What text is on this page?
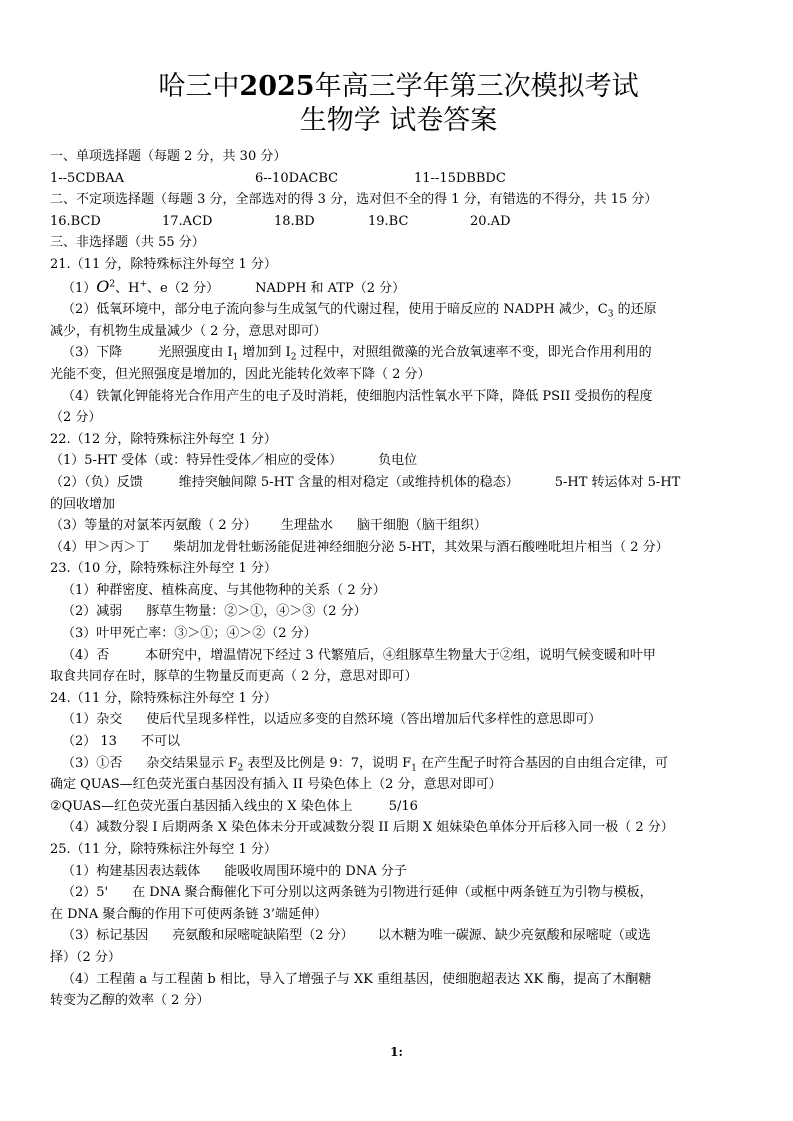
哈三中2025年高三学年第三次模拟考试

生物学 试卷答案

一、单项选择题（每题 2 分，共 30 分）

1--5CDBAA	6--10DACBC	11--15DBBDC

二、不定项选择题（每题 3 分，全部选对的得 3 分，选对但不全的得 1 分，有错选的不得分，共 15 分）

16.BCD	17.ACD	18.BD	19.BC	20.AD

三、非选择题（共 55 分）

21.（11 分，除特殊标注外每空 1 分）

$(1)O^2$、H+、e（2 分）	NADPH 和 ATP（2 分）

（2）低氧环境中，部分电子流向参与生成氢气的代谢过程，使用于暗反应的 NADPH 减少，$C_3$ 的还原

减少，有机物生成量减少（ 2 分，意思对即可）

（3）下降	光照强度由 $I_1$ 增加到 $I_2$ 过程中，对照组微藻的光合放氧速率不变，即光合作用利用的

光能不变，但光照强度是增加的，因此光能转化效率下降（ 2 分）

（4）铁氰化钾能将光合作用产生的电子及时消耗，使细胞内活性氧水平下降，降低 PSII 受损伤的程度

（2 分）

22.（12 分，除特殊标注外每空 1 分）

（1）5-HT 受体（或：特异性受体／相应的受体）	负电位

（2）（负）反馈	维持突触间隙 5-HT 含量的相对稳定（或维持机体的稳态）	5-HT 转运体对 5-HT

的回收增加

（3）等量的对氯苯丙氨酸（ 2 分） 生理盐水 脑干细胞（脑干组织）

（4）甲＞丙＞丁 柴胡加龙骨牡蛎汤能促进神经细胞分泌 5-HT，其效果与酒石酸唑吡坦片相当（ 2 分）

23.（10 分，除特殊标注外每空 1 分）

（1）种群密度、植株高度、与其他物种的关系（ 2 分）

（2）减弱 豚草生物量：②＞①，④＞③（2 分）

（3）叶甲死亡率：③＞①；④＞②（2 分）

（4）否	本研究中，增温情况下经过 3 代繁殖后，④组豚草生物量大于②组，说明气候变暖和叶甲

取食共同存在时，豚草的生物量反而更高（ 2 分，意思对即可）

24.（11 分，除特殊标注外每空 1 分）

（1）杂交 使后代呈现多样性，以适应多变的自然环境（答出增加后代多样性的意思即可）

（2） 13 不可以

（3）①否 杂交结果显示 $F_2$ 表型及比例是 9：7，说明 $F_1$ 在产生配子时符合基因的自由组合定律，可

确定 QUAS—红色荧光蛋白基因没有插入 II 号染色体上（2 分，意思对即可）

②QUAS—红色荧光蛋白基因插入线虫的 X 染色体上	5/16

（4）减数分裂 I 后期两条 X 染色体未分开或减数分裂 II 后期 X 姐妹染色单体分开后移入同一极（ 2 分）

25.（11 分，除特殊标注外每空 1 分）

（1）构建基因表达载体 能吸收周围环境中的 DNA 分子

（2）5' 在 DNA 聚合酶催化下可分别以这两条链为引物进行延伸（或框中两条链互为引物与模板，

在 DNA 聚合酶的作用下可使两条链 3’端延伸）

（3）标记基因 亮氨酸和尿嘧啶缺陷型（2 分） 以木糖为唯一碳源、缺少亮氨酸和尿嘧啶（或选

择）（2 分）

（4）工程菌 a 与工程菌 b 相比，导入了增强子与 XK 重组基因，使细胞超表达 XK 酶，提高了木酮糖

转变为乙醇的效率（ 2 分）

1:
